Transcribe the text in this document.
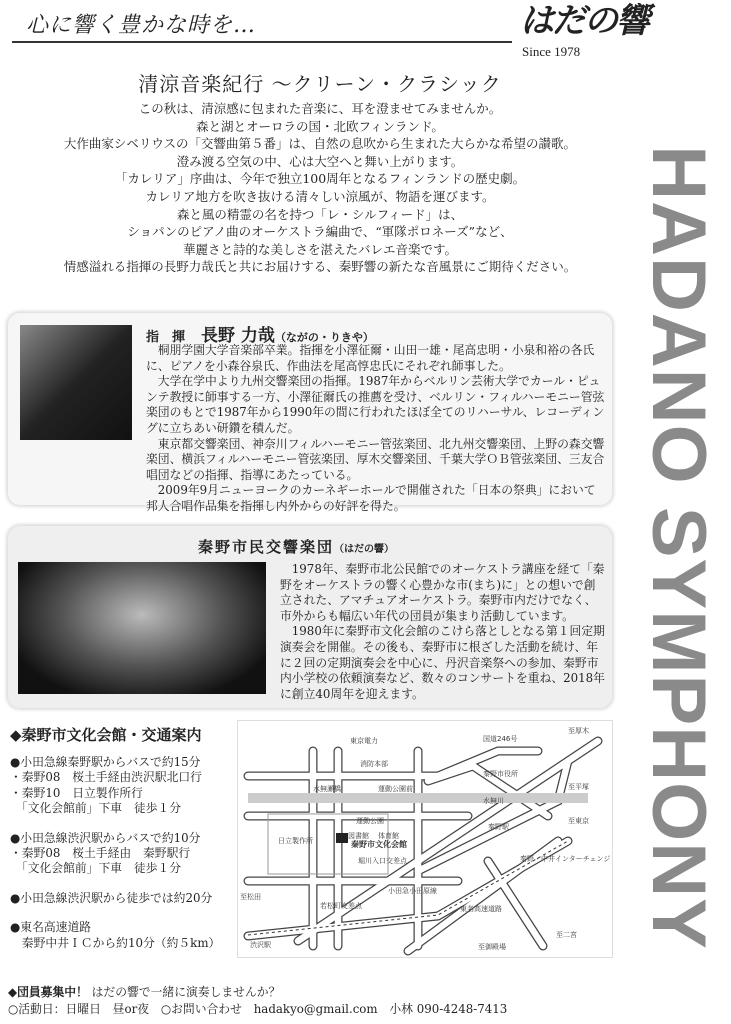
心に響く豊かな時を…	はだの響
Since 1978
HADANO SYMPHONY
清涼音楽紀行 〜クリーン・クラシック
この秋は、清涼感に包まれた音楽に、耳を澄ませてみませんか。
森と湖とオーロラの国・北欧フィンランド。
大作曲家シベリウスの「交響曲第５番」は、自然の息吹から生まれた大らかな希望の讃歌。
澄み渡る空気の中、心は大空へと舞い上がります。
「カレリア」序曲は、今年で独立100周年となるフィンランドの歴史劇。
カレリア地方を吹き抜ける清々しい涼風が、物語を運びます。
森と風の精霊の名を持つ「レ・シルフィード」は、
ショパンのピアノ曲のオーケストラ編曲で、“軍隊ポロネーズ”など、
華麗さと詩的な美しさを湛えたバレエ音楽です。
情感溢れる指揮の長野力哉氏と共にお届けする、秦野響の新たな音風景にご期待ください。
指　揮 長野 力哉（ながの・りきや）

桐朋学園大学音楽部卒業。指揮を小澤征爾・山田一雄・尾高忠明・小泉和裕の各氏に、ピアノを小森谷泉氏、作曲法を尾高惇忠氏にそれぞれ師事した。

大学在学中より九州交響楽団の指揮。1987年からベルリン芸術大学でカール・ピュンテ教授に師事する一方、小澤征爾氏の推薦を受け、ベルリン・フィルハーモニー管弦楽団のもとで1987年から1990年の間に行われたほぼ全てのリハーサル、レコーディングに立ちあい研鑽を積んだ。

東京都交響楽団、神奈川フィルハーモニー管弦楽団、北九州交響楽団、上野の森交響楽団、横浜フィルハーモニー管弦楽団、厚木交響楽団、千葉大学ＯＢ管弦楽団、三友合唱団などの指揮、指導にあたっている。

2009年9月ニューヨークのカーネギーホールで開催された「日本の祭典」において邦人合唱作品集を指揮し内外からの好評を得た。

秦野市民交響楽団（はだの響）

1978年、秦野市北公民館でのオーケストラ講座を経て「秦野をオーケストラの響く心豊かな市(まち)に」との想いで創立された、アマチュアオーケストラ。秦野市内だけでなく、市外からも幅広い年代の団員が集まり活動しています。

1980年に秦野市文化会館のこけら落としとなる第１回定期演奏会を開催。その後も、秦野市に根ざした活動を続け、年に２回の定期演奏会を中心に、丹沢音楽祭への参加、秦野市内小学校の依頼演奏など、数々のコンサートを重ね、2018年に創立40周年を迎えます。

◆秦野市文化会館・交通案内
●小田急線秦野駅からバスで約15分
・秦野08　桜土手経由渋沢駅北口行
・秦野10　日立製作所行
　「文化会館前」下車　徒歩１分
●小田急線渋沢駅からバスで約10分
・秦野08　桜土手経由　秦野駅行
　「文化会館前」下車　徒歩１分
●小田急線渋沢駅から徒歩では約20分
●東名高速道路
　秦野中井ＩＣから約10分（約５km）
秦野市文化会館
図書館 体育館
運動公園
日立製作所
東京電力
消防本部
水無瀬橋	運動公園前
堀川入口交差点
若松町交差点
至松田
渋沢駅
国道246号
至厚木
至平塚
至東京
秦野市役所
水無川
秦野駅
小田急小田原線
秦野・中井インターチェンジ
東名高速道路
至二宮
至御殿場
◆団員募集中！ はだの響で一緒に演奏しませんか？
○活動日：日曜日　昼or夜　 ○お問い合わせ　hadakyo@gmail.com　小林 090-4248-7413
